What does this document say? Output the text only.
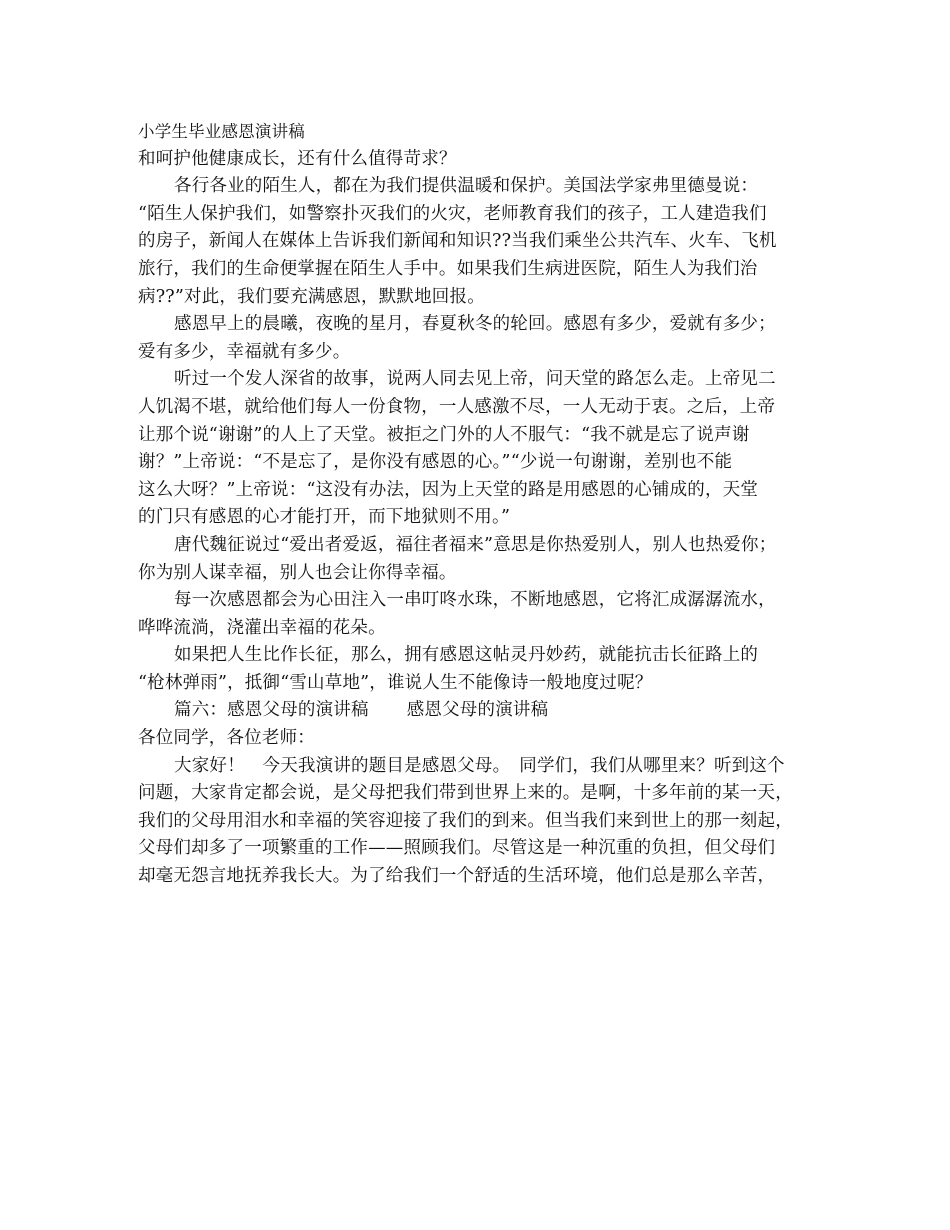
小学生毕业感恩演讲稿
和呵护他健康成长，还有什么值得苛求？
各行各业的陌生人，都在为我们提供温暖和保护。美国法学家弗里德曼说：
“陌生人保护我们，如警察扑灭我们的火灾，老师教育我们的孩子，工人建造我们
的房子，新闻人在媒体上告诉我们新闻和知识??当我们乘坐公共汽车、火车、飞机
旅行，我们的生命便掌握在陌生人手中。如果我们生病进医院，陌生人为我们治
病??”对此，我们要充满感恩，默默地回报。
感恩早上的晨曦，夜晚的星月，春夏秋冬的轮回。感恩有多少，爱就有多少；
爱有多少，幸福就有多少。
听过一个发人深省的故事，说两人同去见上帝，问天堂的路怎么走。上帝见二
人饥渴不堪，就给他们每人一份食物，一人感激不尽，一人无动于衷。之后，上帝
让那个说“谢谢”的人上了天堂。被拒之门外的人不服气：“我不就是忘了说声谢
谢？”上帝说：“不是忘了，是你没有感恩的心。”“少说一句谢谢，差别也不能
这么大呀？”上帝说：“这没有办法，因为上天堂的路是用感恩的心铺成的，天堂
的门只有感恩的心才能打开，而下地狱则不用。”
唐代魏征说过“爱出者爱返，福往者福来”意思是你热爱别人，别人也热爱你；
你为别人谋幸福，别人也会让你得幸福。
每一次感恩都会为心田注入一串叮咚水珠，不断地感恩，它将汇成潺潺流水，
哗哗流淌，浇灌出幸福的花朵。
如果把人生比作长征，那么，拥有感恩这帖灵丹妙药，就能抗击长征路上的
“枪林弹雨”，抵御“雪山草地”，谁说人生不能像诗一般地度过呢？
篇六：感恩父母的演讲稿 感恩父母的演讲稿
各位同学，各位老师：
大家好！　今天我演讲的题目是感恩父母。　同学们，我们从哪里来？听到这个
问题，大家肯定都会说，是父母把我们带到世界上来的。是啊，十多年前的某一天，
我们的父母用泪水和幸福的笑容迎接了我们的到来。但当我们来到世上的那一刻起，
父母们却多了一项繁重的工作——照顾我们。尽管这是一种沉重的负担，但父母们
却毫无怨言地抚养我长大。为了给我们一个舒适的生活环境，他们总是那么辛苦，
